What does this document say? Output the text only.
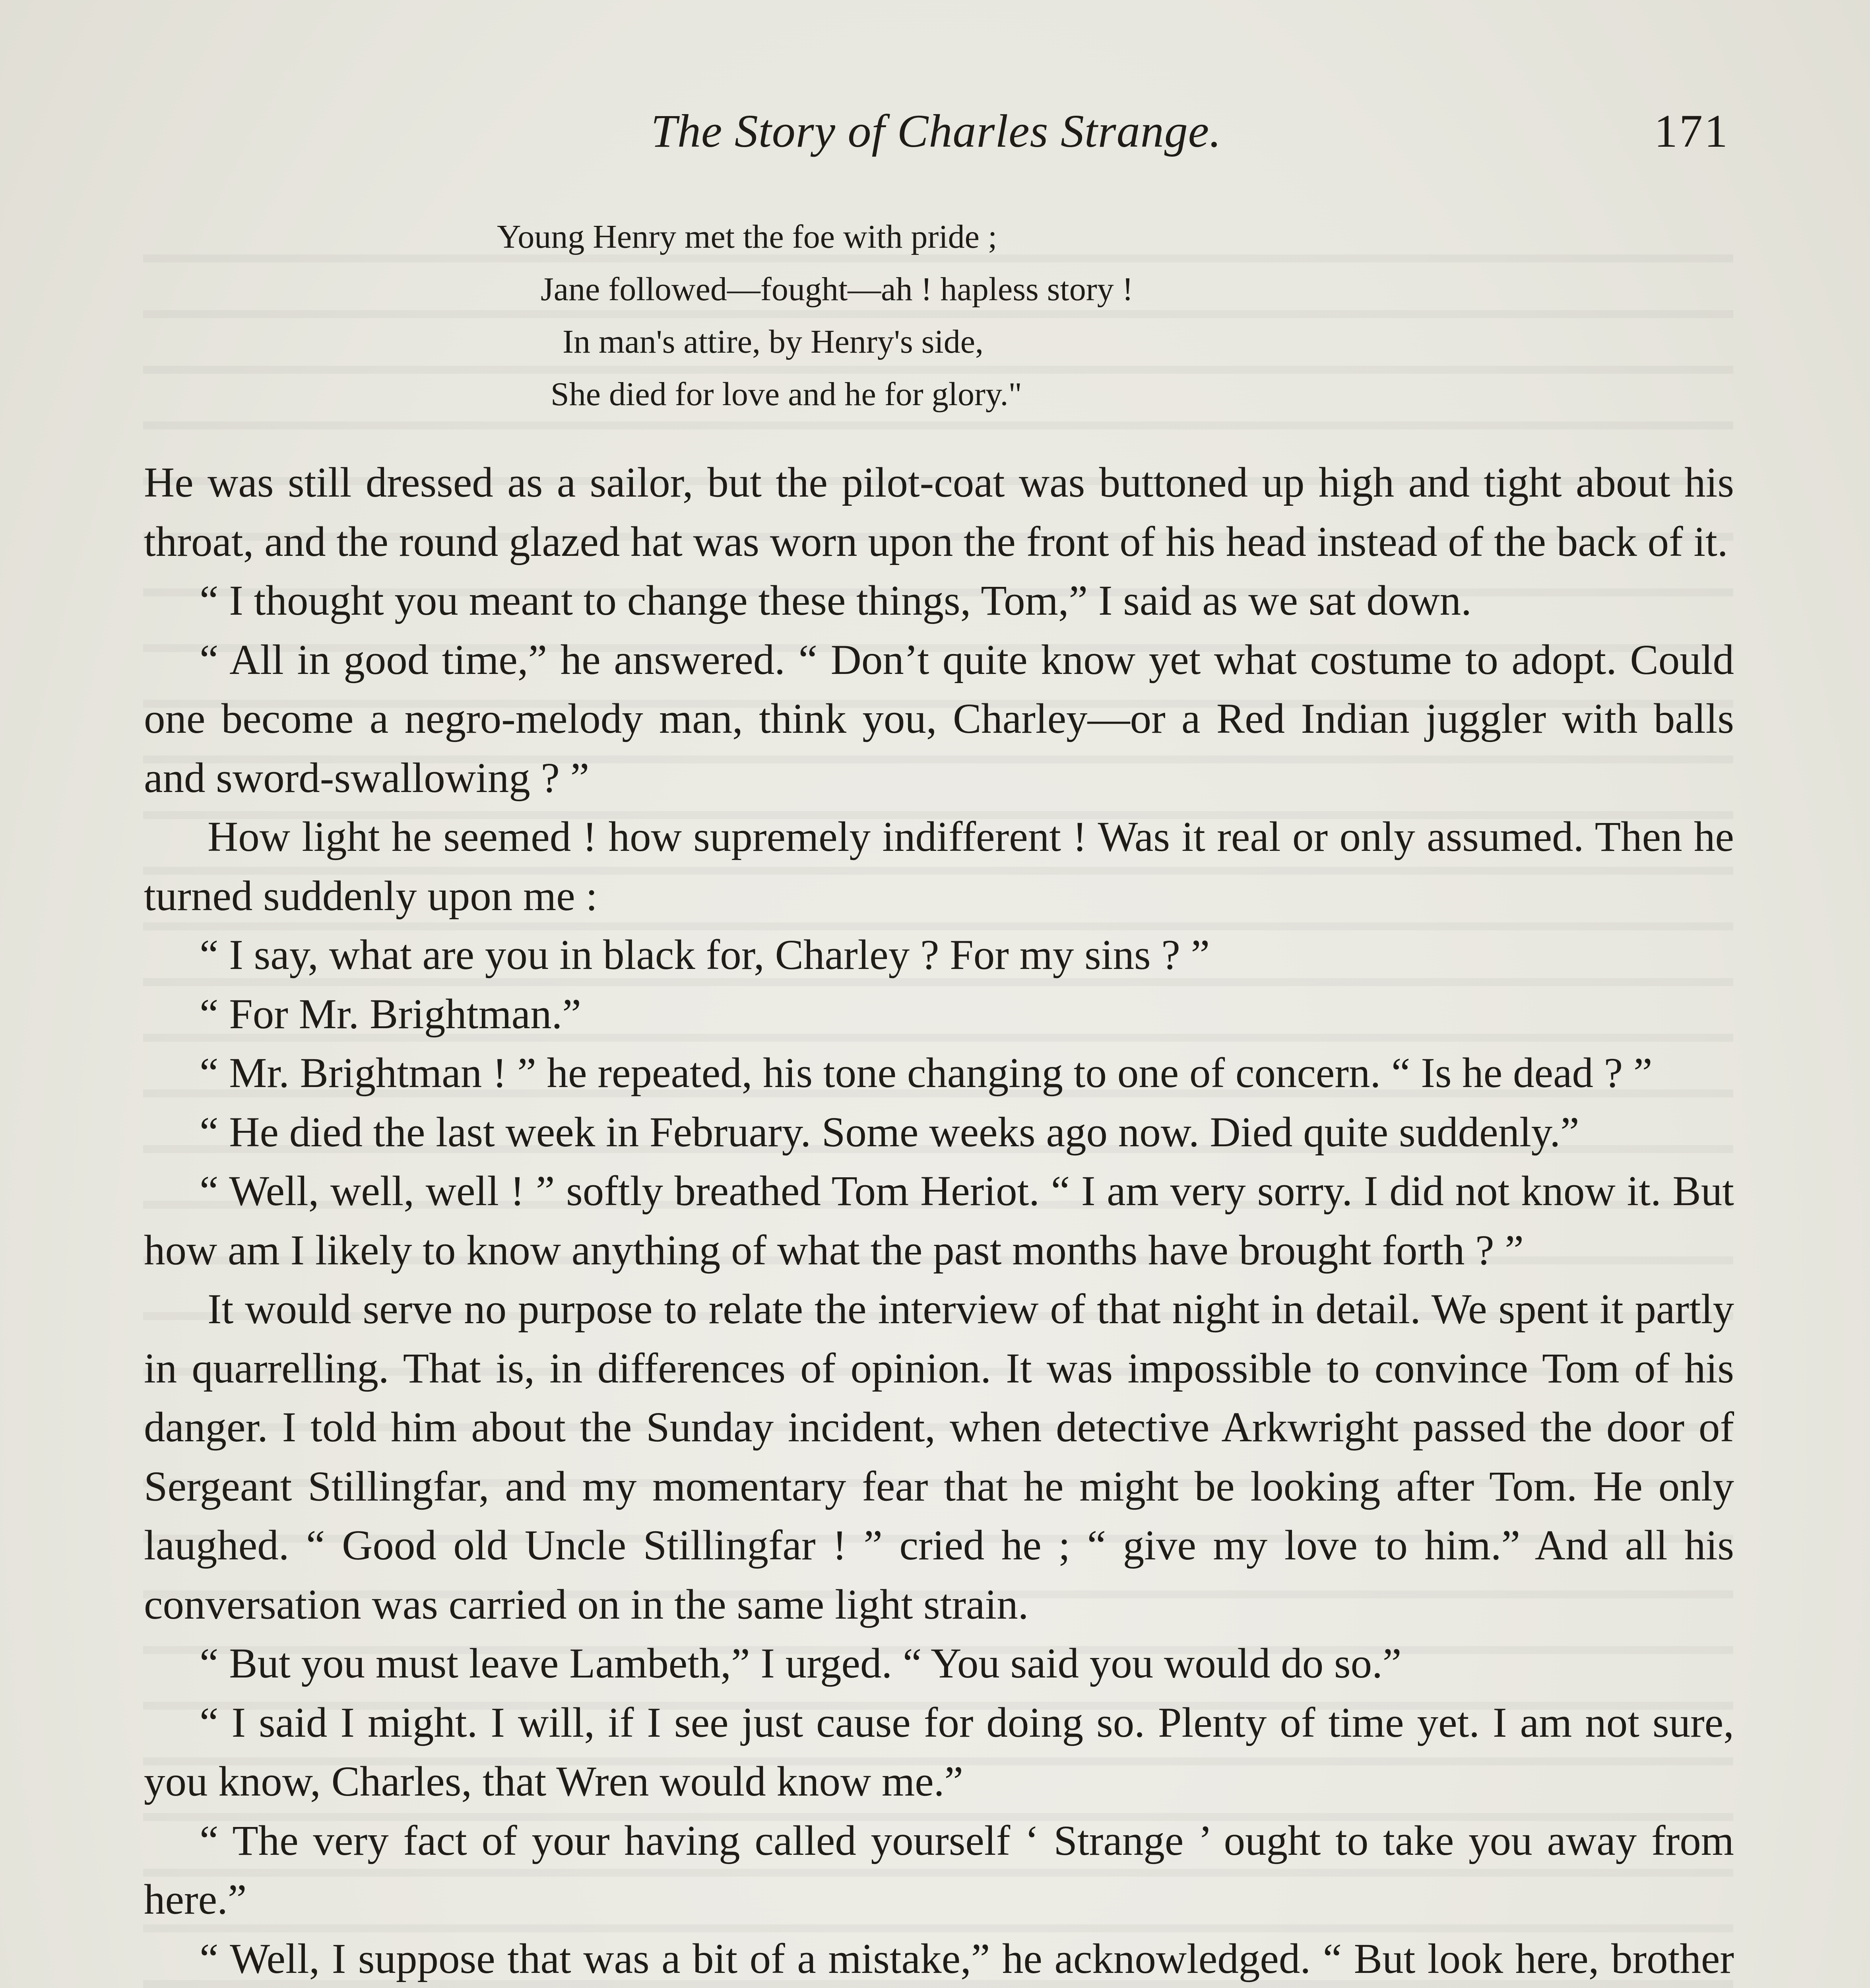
The Story of Charles Strange.	171
Young Henry met the foe with pride ;
Jane followed—fought—ah ! hapless story !
In man's attire, by Henry's side,
She died for love and he for glory."

He was still dressed as a sailor, but the pilot-coat was buttoned up high and tight about his throat, and the round glazed hat was worn upon the front of his head instead of the back of it.

“ I thought you meant to change these things, Tom,” I said as we sat down.

“ All in good time,” he answered. “ Don’t quite know yet what costume to adopt. Could one become a negro-melody man, think you, Charley—or a Red Indian juggler with balls and sword-swallowing ? ”

How light he seemed ! how supremely indifferent ! Was it real or only assumed. Then he turned suddenly upon me :

“ I say, what are you in black for, Charley ? For my sins ? ”

“ For Mr. Brightman.”

“ Mr. Brightman ! ” he repeated, his tone changing to one of concern. “ Is he dead ? ”

“ He died the last week in February. Some weeks ago now. Died quite suddenly.”

“ Well, well, well ! ” softly breathed Tom Heriot. “ I am very sorry. I did not know it. But how am I likely to know anything of what the past months have brought forth ? ”

It would serve no purpose to relate the interview of that night in detail. We spent it partly in quarrelling. That is, in differences of opinion. It was impossible to convince Tom of his danger. I told him about the Sunday incident, when detective Arkwright passed the door of Sergeant Stillingfar, and my momentary fear that he might be looking after Tom. He only laughed. “ Good old Uncle Stillingfar ! ” cried he ; “ give my love to him.” And all his conversation was carried on in the same light strain.

“ But you must leave Lambeth,” I urged. “ You said you would do so.”

“ I said I might. I will, if I see just cause for doing so. Plenty of time yet. I am not sure, you know, Charles, that Wren would know me.”

“ The very fact of your having called yourself ‘ Strange ’ ought to take you away from here.”

“ Well, I suppose that was a bit of a mistake,” he acknowledged. “ But look here, brother
